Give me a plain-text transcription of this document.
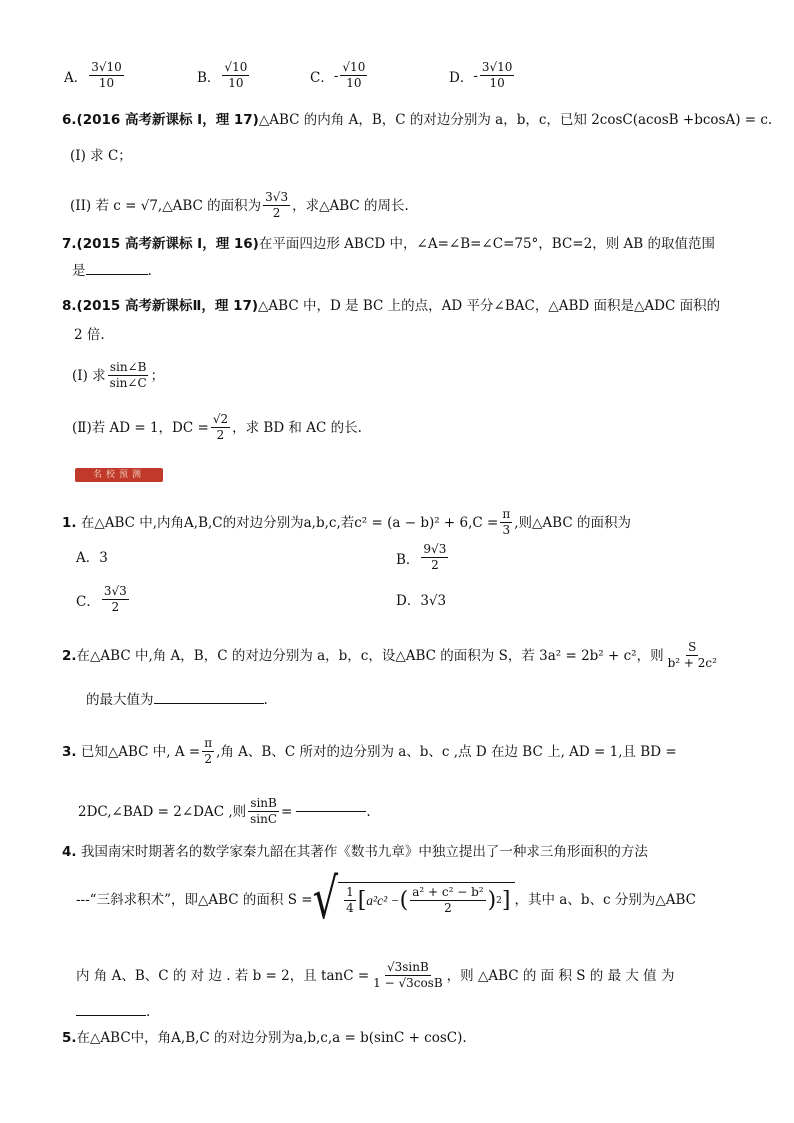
A． $\frac{3√10}{10}$	B． $\frac{√10}{10}$	C． - $\frac{√10}{10}$	D． - $\frac{3√10}{10}$
6.(2016 高考新课标 I，理 17)△ABC 的内角 A，B，C 的对边分别为 a，b，c，已知 2cosC(acosB +bcosA) = c.
(I) 求 C；
(II) 若 c = √7,△ABC 的面积为 $\frac{3√3}{2}$ ，求△ABC 的周长.
7.(2015 高考新课标 Ⅰ，理 16)在平面四边形 ABCD 中，∠A=∠B=∠C=75°，BC=2，则 AB 的取值范围
是	.
8.(2015 高考新课标Ⅱ，理 17)△ABC 中，D 是 BC 上的点，AD 平分∠BAC，△ABD 面积是△ADC 面积的
2 倍.
(Ⅰ) 求 $\frac{\sin\angle B}{\sin\angle C}$ ；
(Ⅱ)若 AD = 1，DC = $\frac{√2}{2}$ ，求 BD 和 AC 的长.
名校预测
1.
在△ABC 中,内角A,B,C的对边分别为a,b,c,若$c^2 = (a - b)^2 + 6,C = \frac{\pi}{3}$ ,则△ABC 的面积为
A．3	B． $\frac{9√3}{2}$
C． $\frac{3√3}{2}$	D．3√3
2. 在△ABC 中,角 A，B，C 的对边分别为 a，b，c，设△ABC 的面积为 S，若 3a² = 2b² + c²，则 $\frac{S}{\text{b² + 2c²}}$
的最大值为	.
3.
已知△ABC 中, $A = \frac{\pi}{2}$ ,角 A、B、C 所对的边分别为 a、b、c ,点 D 在边 BC 上, AD = 1,且 BD =
2DC,∠BAD = 2∠DAC ,则 $\frac{\sin B}{\sin C}$ =	.
4. 我国南宋时期著名的数学家秦九韶在其著作《数书九章》中独立提出了一种求三角形面积的方法
---“三斜求积术”，即△ABC 的面积 S = √ $\frac{1}{4}$ [ a²c² − ( $\frac{\text{a² + c² − b²}}{2}$ ) 2 ] ，其中 a、b、c 分别为△ABC
内 角 A、B、C 的 对 边 . 若 b = 2，且 $\tan C = \frac{√3\sin B}{1 - √3\cos B}$ ，则 △ABC 的 面 积 S 的 最 大 值 为
.
5.在△ABC中，角A,B,C 的对边分别为a,b,c,a = b(sinC + cosC).
